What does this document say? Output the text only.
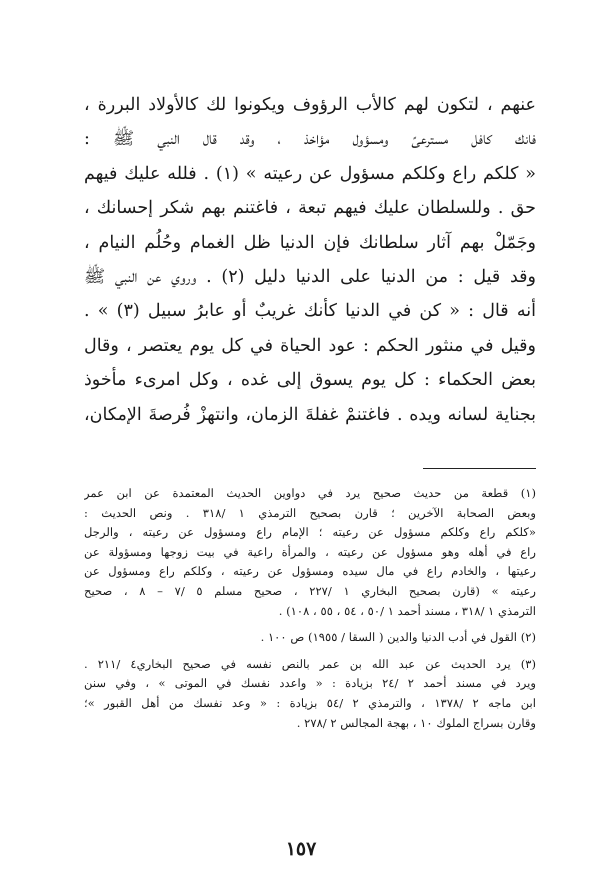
عنهم ، لتكون لهم كالأب الرؤوف ويكونوا لك كالأولاد البررة ،
فانك كافل مسترعىً ومسؤول مؤاخذ ، وقد قال النبي ﷺ :
« كلكم راع وكلكم مسؤول عن رعيته » (١) . فلله عليك فيهم
حق . وللسلطان عليك فيهم تبعة ، فاغتنم بهم شكر إحسانك ،
وجَمّلْ بهم آثار سلطانك فإن الدنيا ظل الغمام وحُلُم النيام ،
وقد قيل : من الدنيا على الدنيا دليل (٢) . وروي عن النبي ﷺ
أنه قال : « كن في الدنيا كأنك غريبٌ أو عابرُ سبيل (٣) » .
وقيل في منثور الحكم : عود الحياة في كل يوم يعتصر ، وقال
بعض الحكماء : كل يوم يسوق إلى غده ، وكل امرىء مأخوذ
بجناية لسانه ويده . فاغتنمْ غفلةَ الزمان، وانتهزْ فُرصةَ الإمكان،
(١) قطعة من حديث صحيح يرد في دواوين الحديث المعتمدة عن ابن عمر
وبعض الصحابة الآخرين ؛ قارن بصحيح الترمذي ١ /٣١٨ . ونص الحديث :
«كلكم راع وكلكم مسؤول عن رعيته ؛ الإمام راع ومسؤول عن رعيته ، والرجل
راع في أهله وهو مسؤول عن رعيته ، والمرأة راعية في بيت زوجها ومسؤولة عن
رعيتها ، والخادم راع في مال سيده ومسؤول عن رعيته ، وكلكم راع ومسؤول عن
رعيته » (قارن بصحيح البخاري ١ /٢٢٧ ، صحيح مسلم ٥ /٧ – ٨ ، صحيح
الترمذي ١ /٣١٨ ، مسند أحمد ١ /٥٠ ، ٥٤ ، ٥٥ ، ١٠٨) .
(٢) القول في أدب الدنيا والدين ( السقا / ١٩٥٥) ص ١٠٠ .
(٣) يرد الحديث عن عبد الله بن عمر بالنص نفسه في صحيح البخاري٤ /٢١١ .
ويرد في مسند أحمد ٢ /٢٤ بزيادة : « واعدد نفسك في الموتى » ، وفي سنن
ابن ماجه ٢ /١٣٧٨ ، والترمذي ٢ /٥٤ بزيادة : « وعد نفسك من أهل القبور »؛
وقارن بسراج الملوك ١٠ ، بهجة المجالس ٢ /٢٧٨ .
١٥٧
